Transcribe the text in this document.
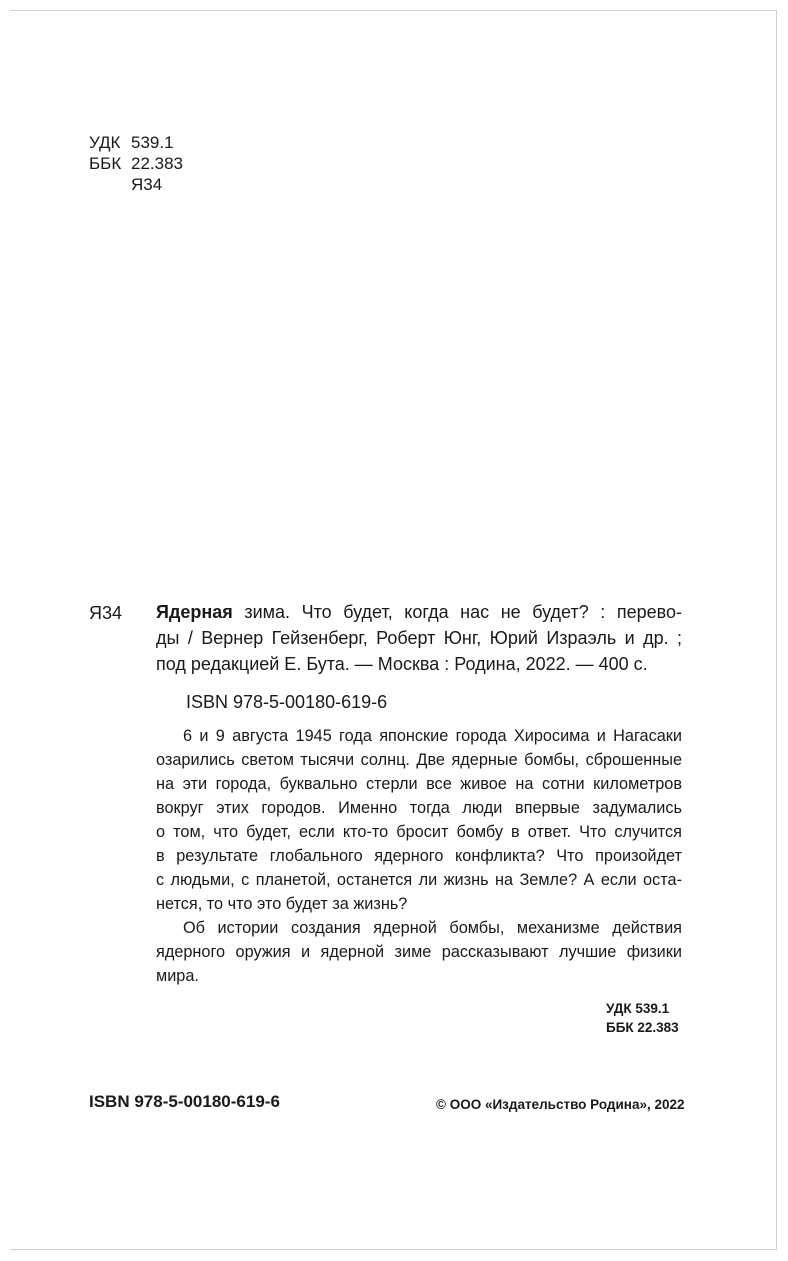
УДК 539.1
ББК 22.383
Я34
Я34 Ядерная зима. Что будет, когда нас не будет? : перево-
ды / Вернер Гейзенберг, Роберт Юнг, Юрий Израэль и др. ;
под редакцией Е. Бута. — Москва : Родина, 2022. — 400 с.
ISBN 978-5-00180-619-6
6 и 9 августа 1945 года японские города Хиросима и Нагасаки
озарились светом тысячи солнц. Две ядерные бомбы, сброшенные
на эти города, буквально стерли все живое на сотни километров
вокруг этих городов. Именно тогда люди впервые задумались
о том, что будет, если кто-то бросит бомбу в ответ. Что случится
в результате глобального ядерного конфликта? Что произойдет
с людьми, с планетой, останется ли жизнь на Земле? А если оста-
нется, то что это будет за жизнь?
Об истории создания ядерной бомбы, механизме действия
ядерного оружия и ядерной зиме рассказывают лучшие физики
мира.
УДК 539.1
ББК 22.383
ISBN 978-5-00180-619-6	© ООО «Издательство Родина», 2022
